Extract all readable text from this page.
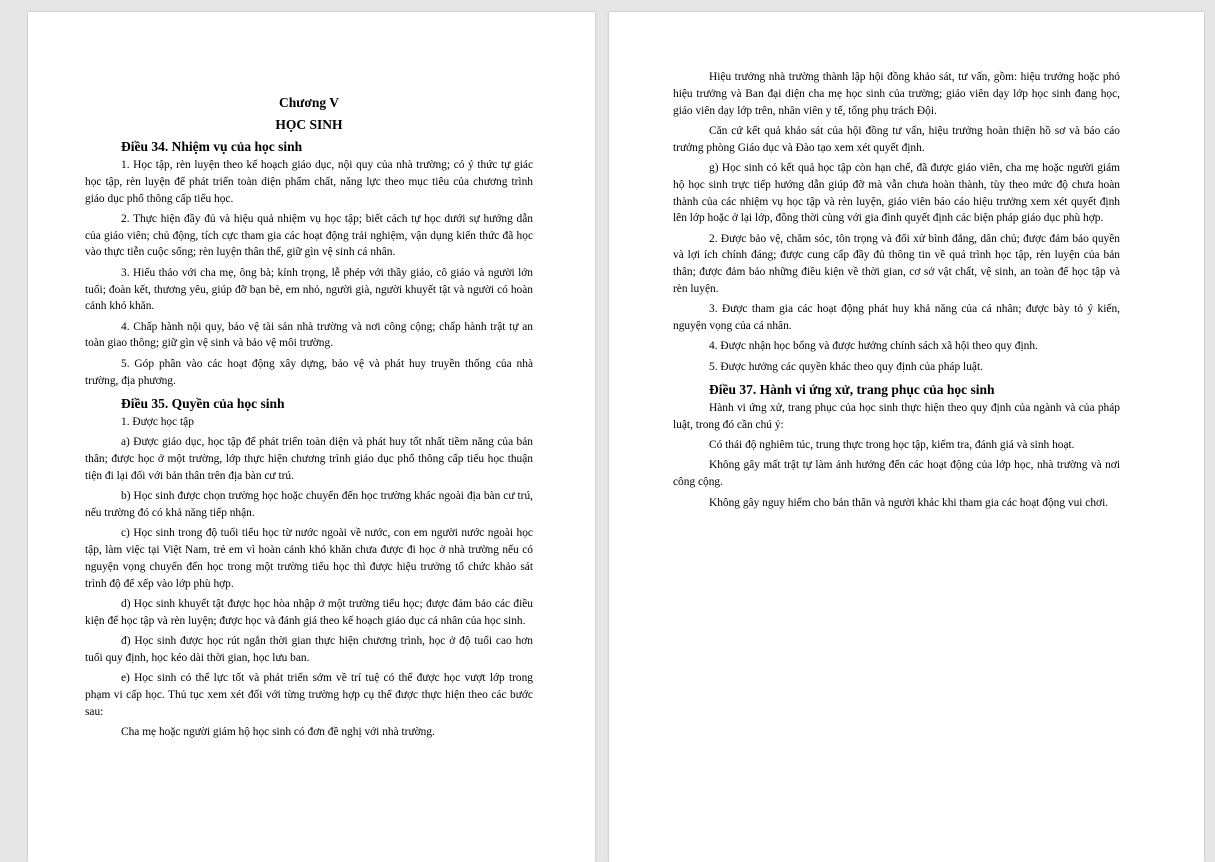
Chương V

HỌC SINH

Điều 34. Nhiệm vụ của học sinh

1. Học tập, rèn luyện theo kế hoạch giáo dục, nội quy của nhà trường; có ý thức tự giác học tập, rèn luyện để phát triển toàn diện phẩm chất, năng lực theo mục tiêu của chương trình giáo dục phổ thông cấp tiểu học.

2. Thực hiện đầy đủ và hiệu quả nhiệm vụ học tập; biết cách tự học dưới sự hướng dẫn của giáo viên; chủ động, tích cực tham gia các hoạt động trải nghiệm, vận dụng kiến thức đã học vào thực tiễn cuộc sống; rèn luyện thân thể, giữ gìn vệ sinh cá nhân.

3. Hiếu thảo với cha mẹ, ông bà; kính trọng, lễ phép với thầy giáo, cô giáo và người lớn tuổi; đoàn kết, thương yêu, giúp đỡ bạn bè, em nhỏ, người già, người khuyết tật và người có hoàn cảnh khó khăn.

4. Chấp hành nội quy, bảo vệ tài sản nhà trường và nơi công cộng; chấp hành trật tự an toàn giao thông; giữ gìn vệ sinh và bảo vệ môi trường.

5. Góp phần vào các hoạt động xây dựng, bảo vệ và phát huy truyền thống của nhà trường, địa phương.

Điều 35. Quyền của học sinh

1. Được học tập

a) Được giáo dục, học tập để phát triển toàn diện và phát huy tốt nhất tiềm năng của bản thân; được học ở một trường, lớp thực hiện chương trình giáo dục phổ thông cấp tiểu học thuận tiện đi lại đối với bản thân trên địa bàn cư trú.

b) Học sinh được chọn trường học hoặc chuyển đến học trường khác ngoài địa bàn cư trú, nếu trường đó có khả năng tiếp nhận.

c) Học sinh trong độ tuổi tiểu học từ nước ngoài về nước, con em người nước ngoài học tập, làm việc tại Việt Nam, trẻ em vì hoàn cảnh khó khăn chưa được đi học ở nhà trường nếu có nguyện vọng chuyển đến học trong một trường tiểu học thì được hiệu trưởng tổ chức khảo sát trình độ để xếp vào lớp phù hợp.

d) Học sinh khuyết tật được học hòa nhập ở một trường tiểu học; được đảm bảo các điều kiện để học tập và rèn luyện; được học và đánh giá theo kế hoạch giáo dục cá nhân của học sinh.

đ) Học sinh được học rút ngắn thời gian thực hiện chương trình, học ở độ tuổi cao hơn tuổi quy định, học kéo dài thời gian, học lưu ban.

e) Học sinh có thể lực tốt và phát triển sớm về trí tuệ có thể được học vượt lớp trong phạm vi cấp học. Thủ tục xem xét đối với từng trường hợp cụ thể được thực hiện theo các bước sau:

Cha mẹ hoặc người giám hộ học sinh có đơn đề nghị với nhà trường.

Hiệu trưởng nhà trường thành lập hội đồng khảo sát, tư vấn, gồm: hiệu trưởng hoặc phó hiệu trưởng và Ban đại diện cha mẹ học sinh của trường; giáo viên dạy lớp học sinh đang học, giáo viên dạy lớp trên, nhân viên y tế, tổng phụ trách Đội.

Căn cứ kết quả khảo sát của hội đồng tư vấn, hiệu trưởng hoàn thiện hồ sơ và báo cáo trưởng phòng Giáo dục và Đào tạo xem xét quyết định.

g) Học sinh có kết quả học tập còn hạn chế, đã được giáo viên, cha mẹ hoặc người giám hộ học sinh trực tiếp hướng dẫn giúp đỡ mà vẫn chưa hoàn thành, tùy theo mức độ chưa hoàn thành của các nhiệm vụ học tập và rèn luyện, giáo viên báo cáo hiệu trưởng xem xét quyết định lên lớp hoặc ở lại lớp, đồng thời cùng với gia đình quyết định các biện pháp giáo dục phù hợp.

2. Được bảo vệ, chăm sóc, tôn trọng và đối xử bình đẳng, dân chủ; được đảm bảo quyền và lợi ích chính đáng; được cung cấp đầy đủ thông tin về quá trình học tập, rèn luyện của bản thân; được đảm bảo những điều kiện về thời gian, cơ sở vật chất, vệ sinh, an toàn để học tập và rèn luyện.

3. Được tham gia các hoạt động phát huy khả năng của cá nhân; được bày tỏ ý kiến, nguyện vọng của cá nhân.

4. Được nhận học bổng và được hưởng chính sách xã hội theo quy định.

5. Được hưởng các quyền khác theo quy định của pháp luật.

Điều 37. Hành vi ứng xử, trang phục của học sinh

Hành vi ứng xử, trang phục của học sinh thực hiện theo quy định của ngành và của pháp luật, trong đó cần chú ý:

Có thái độ nghiêm túc, trung thực trong học tập, kiểm tra, đánh giá và sinh hoạt.

Không gây mất trật tự làm ảnh hưởng đến các hoạt động của lớp học, nhà trường và nơi công cộng.

Không gây nguy hiểm cho bản thân và người khác khi tham gia các hoạt động vui chơi.
